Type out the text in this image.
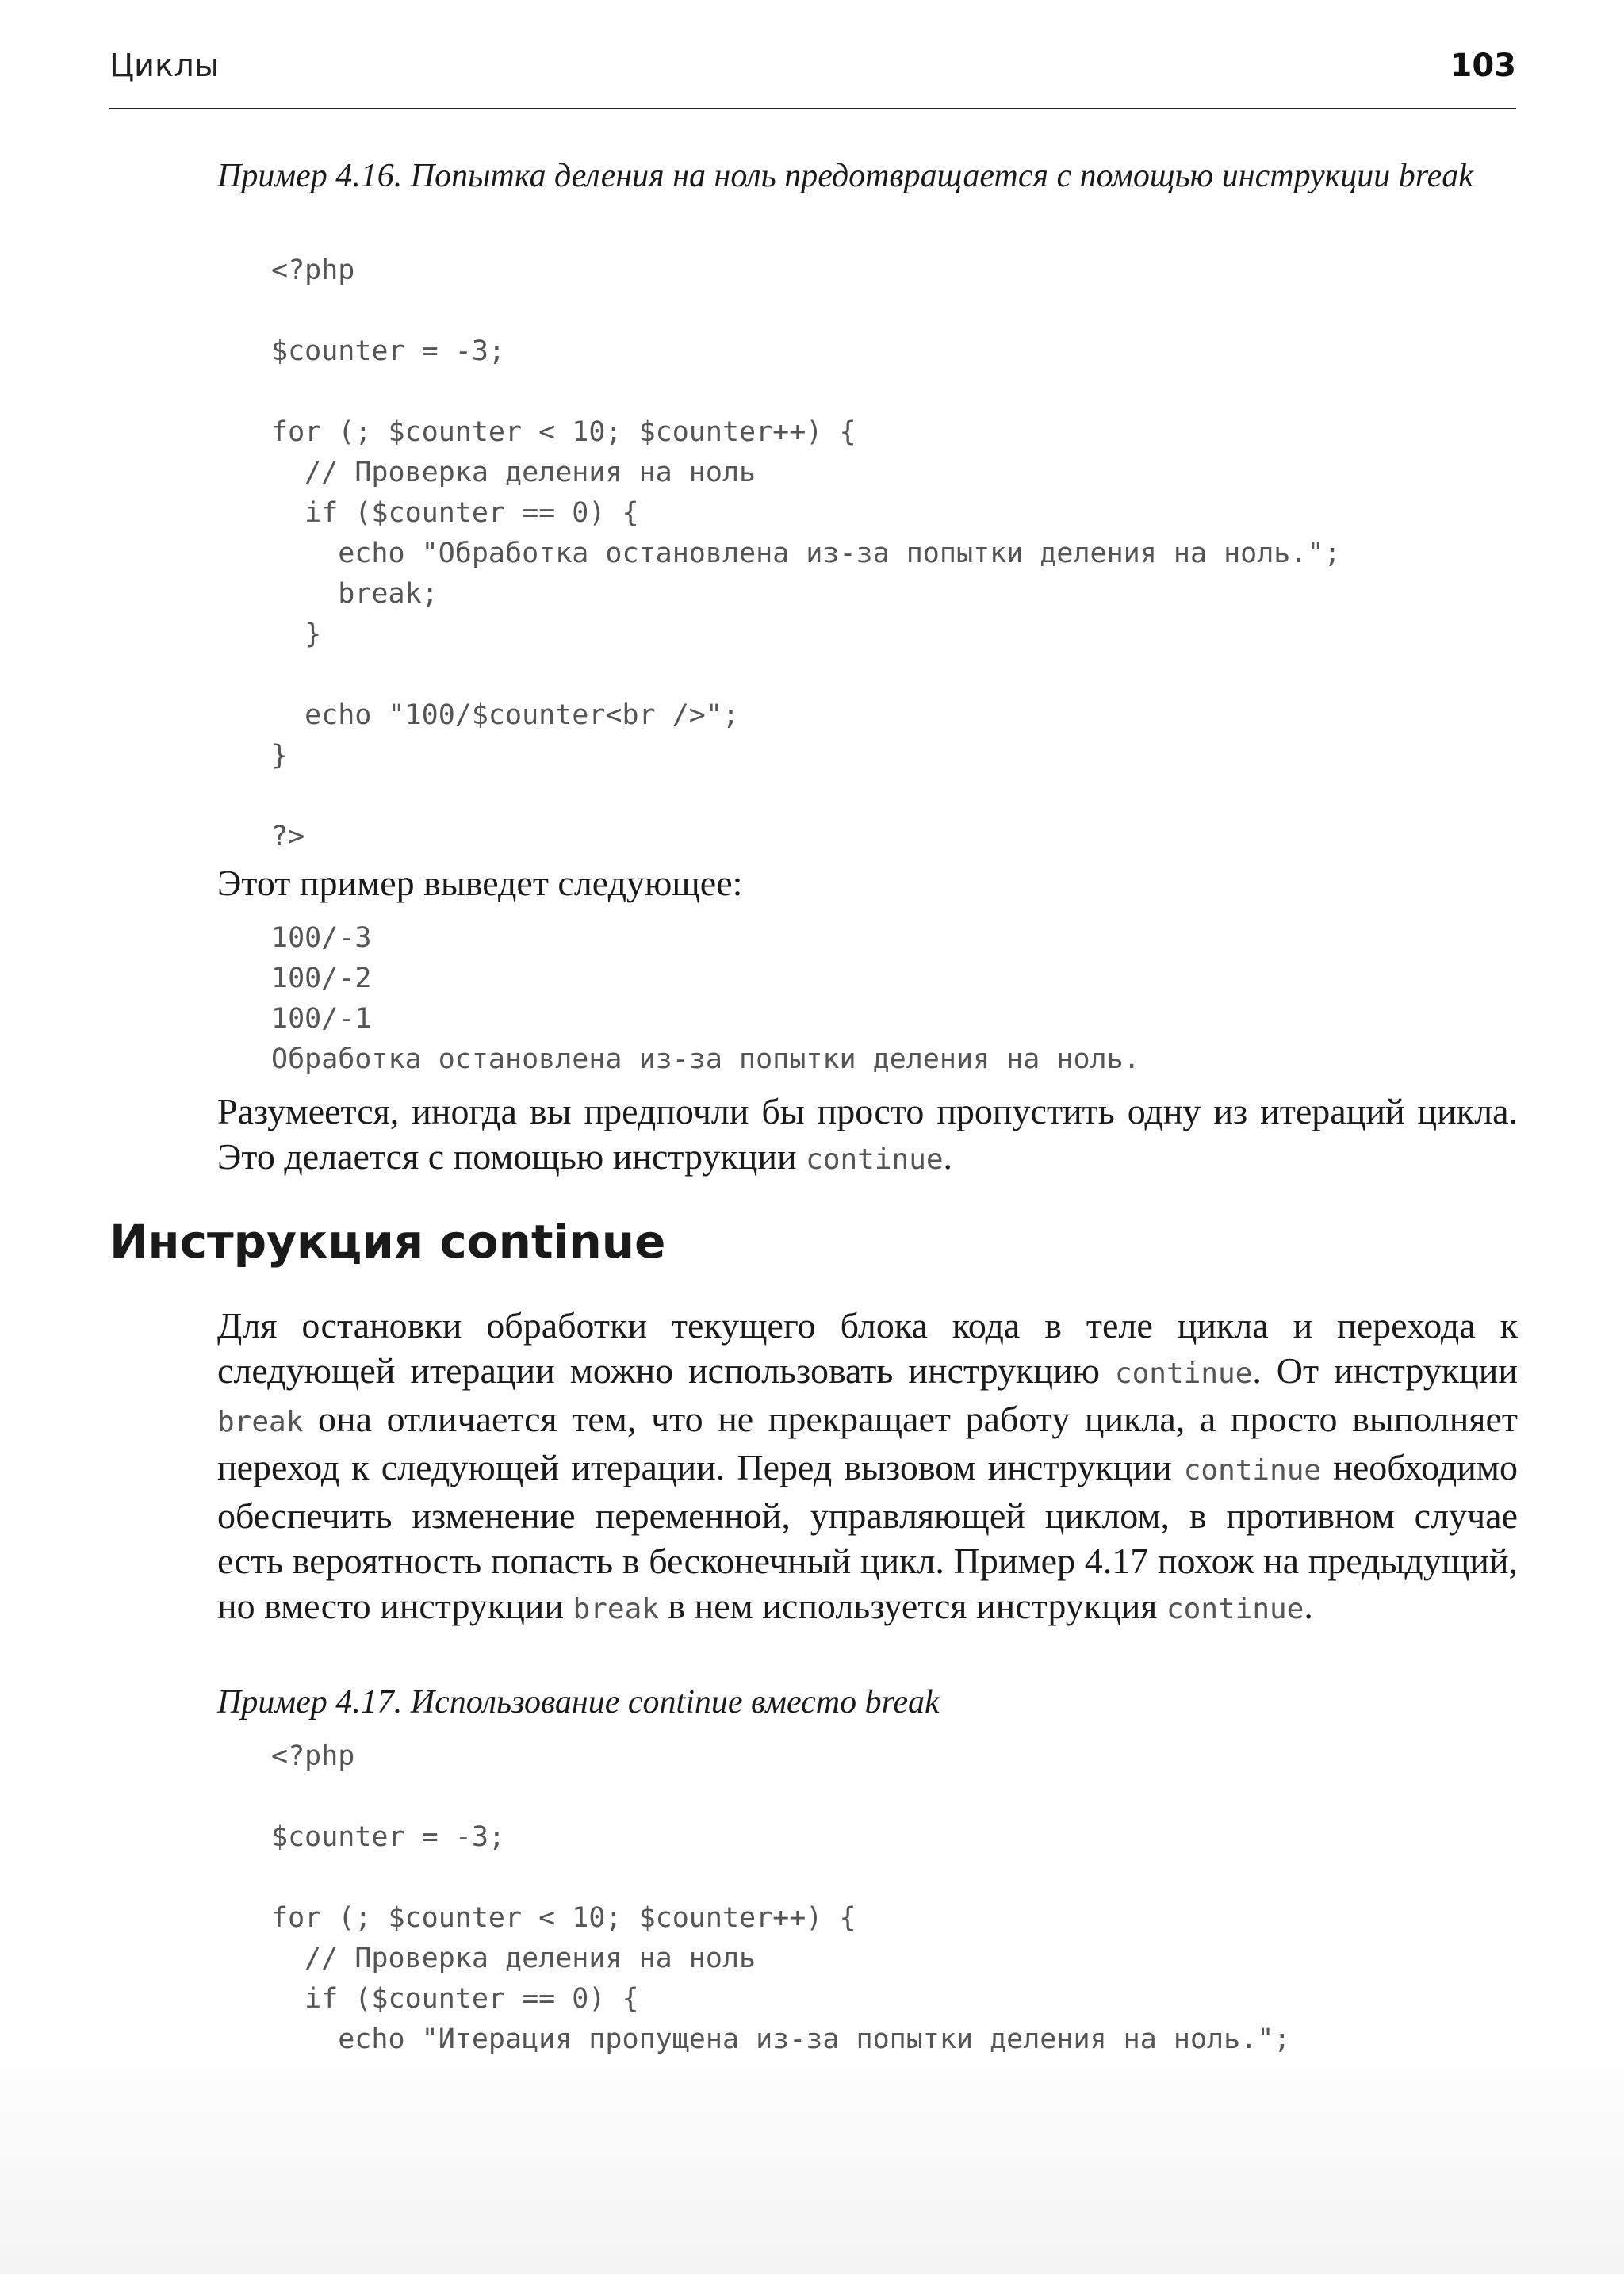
Циклы	103
Пример 4.16. Попытка деления на ноль предотвращается с помощью инструкции break
<?php

$counter = -3;

for (; $counter < 10; $counter++) {
// Проверка деления на ноль
if ($counter == 0) {
echo "Обработка остановлена из-за попытки деления на ноль.";
break;
}

echo "100/$counter<br />";
}

?>

Этот пример выведет следующее:

100/-3
100/-2
100/-1
Обработка остановлена из-за попытки деления на ноль.

Разумеется, иногда вы предпочли бы просто пропустить одну из итераций цикла. Это делается с помощью инструкции continue.

Инструкция continue

Для остановки обработки текущего блока кода в теле цикла и перехода к следующей итерации можно использовать инструкцию continue. От инструкции break она отличается тем, что не прекращает работу цикла, а просто выполняет переход к следующей итерации. Перед вызовом инструкции continue необходимо обеспечить изменение переменной, управляющей циклом, в противном случае есть вероятность попасть в бесконечный цикл. Пример 4.17 похож на предыдущий, но вместо инструкции break в нем используется инструкция continue.

Пример 4.17. Использование continue вместо break
<?php

$counter = -3;

for (; $counter < 10; $counter++) {
// Проверка деления на ноль
if ($counter == 0) {
echo "Итерация пропущена из-за попытки деления на ноль.";
